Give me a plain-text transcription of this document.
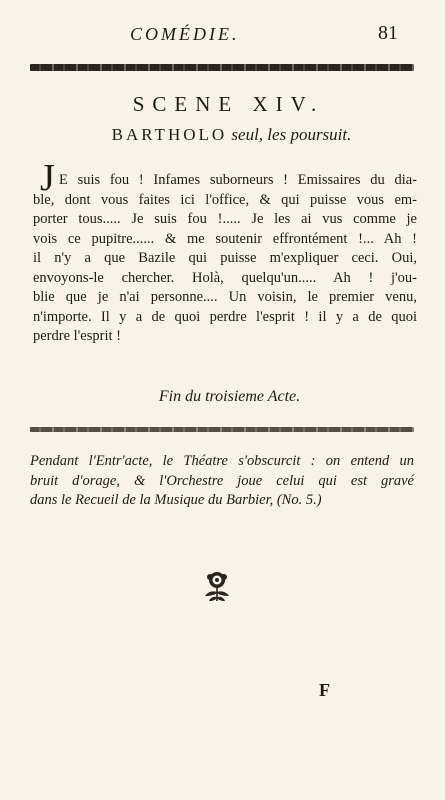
COMÉDIE.	81
SCENE XIV.
BARTHOLO seul, les poursuit.
J E suis fou ! Infames suborneurs ! Emissaires du dia-
ble, dont vous faites ici l'office, & qui puisse vous em-
porter tous..... Je suis fou !..... Je les ai vus comme je
vois ce pupitre...... & me soutenir effrontément !... Ah !
il n'y a que Bazile qui puisse m'expliquer ceci. Oui,
envoyons-le chercher. Holà, quelqu'un..... Ah ! j'ou-
blie que je n'ai personne.... Un voisin, le premier venu,
n'importe. Il y a de quoi perdre l'esprit ! il y a de quoi
perdre l'esprit !
Fin du troisieme Acte.
Pendant l'Entr'acte, le Théatre s'obscurcit : on entend un
bruit d'orage, & l'Orchestre joue celui qui est gravé
dans le Recueil de la Musique du Barbier, (No. 5.)
F
